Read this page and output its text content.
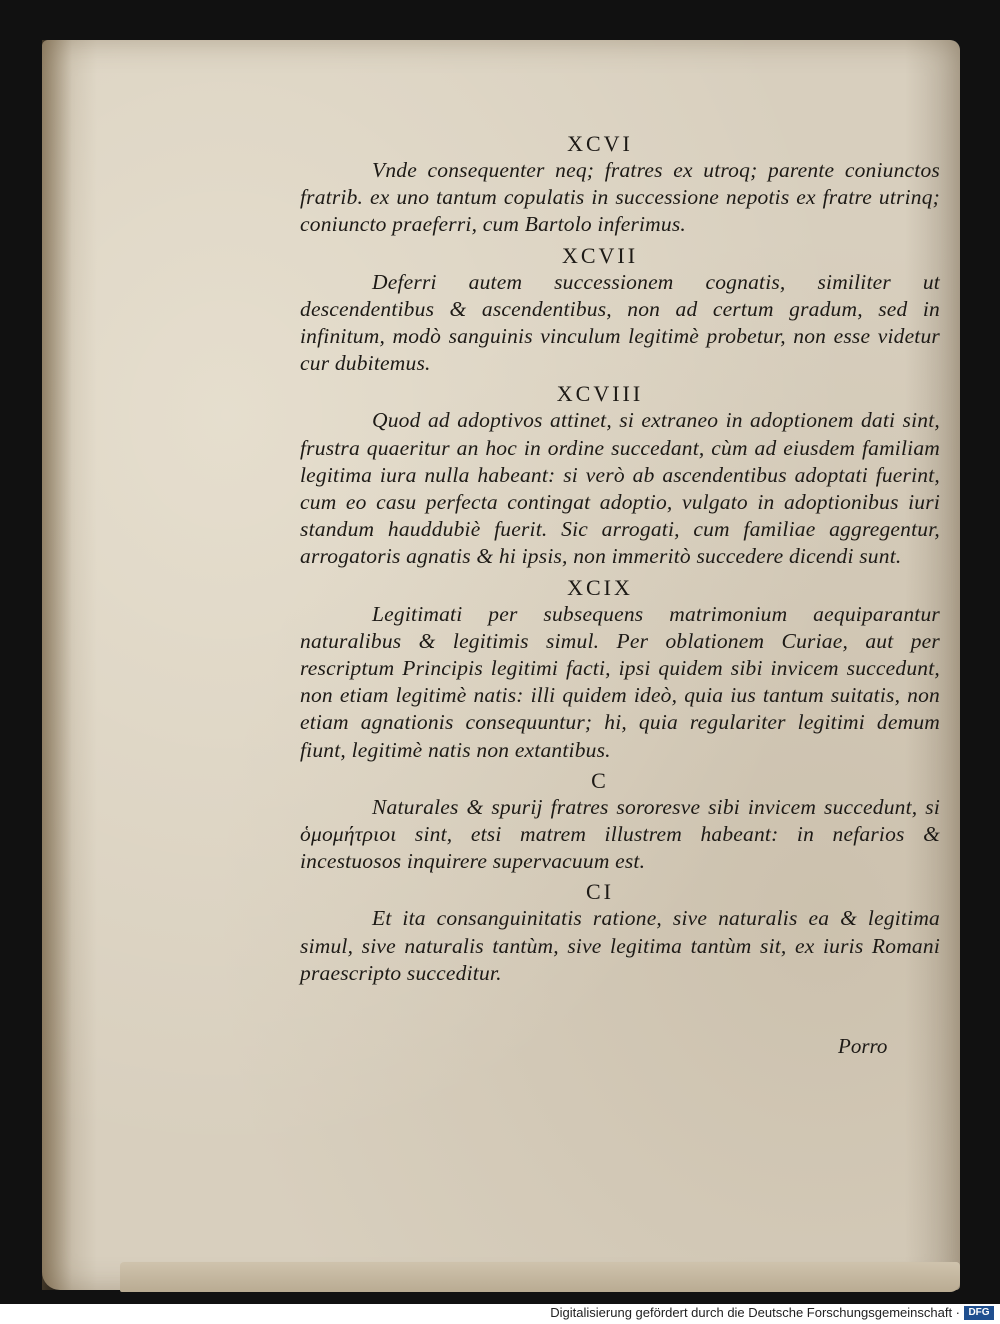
XCVI

Vnde consequenter neq; fratres ex utroq; parente coniunctos fratrib. ex uno tantum copulatis in successione nepotis ex fratre utrinq; coniuncto praeferri, cum Bartolo inferimus.

XCVII

Deferri autem successionem cognatis, similiter ut descendentibus & ascendentibus, non ad certum gradum, sed in infinitum, modò sanguinis vinculum legitimè probetur, non esse videtur cur dubitemus.

XCVIII

Quod ad adoptivos attinet, si extraneo in adoptionem dati sint, frustra quaeritur an hoc in ordine succedant, cùm ad eiusdem familiam legitima iura nulla habeant: si verò ab ascendentibus adoptati fuerint, cum eo casu perfecta contingat adoptio, vulgato in adoptionibus iuri standum hauddubiè fuerit. Sic arrogati, cum familiae aggregentur, arrogatoris agnatis & hi ipsis, non immeritò succedere dicendi sunt.

XCIX

Legitimati per subsequens matrimonium aequiparantur naturalibus & legitimis simul. Per oblationem Curiae, aut per rescriptum Principis legitimi facti, ipsi quidem sibi invicem succedunt, non etiam legitimè natis: illi quidem ideò, quia ius tantum suitatis, non etiam agnationis consequuntur; hi, quia regulariter legitimi demum fiunt, legitimè natis non extantibus.

C

Naturales & spurij fratres sororesve sibi invicem succedunt, si ὁμομήτριοι sint, etsi matrem illustrem habeant: in nefarios & incestuosos inquirere supervacuum est.

CI

Et ita consanguinitatis ratione, sive naturalis ea & legitima simul, sive naturalis tantùm, sive legitima tantùm sit, ex iuris Romani praescripto succeditur.

Porro
Digitalisierung gefördert durch die Deutsche Forschungsgemeinschaft · DFG
